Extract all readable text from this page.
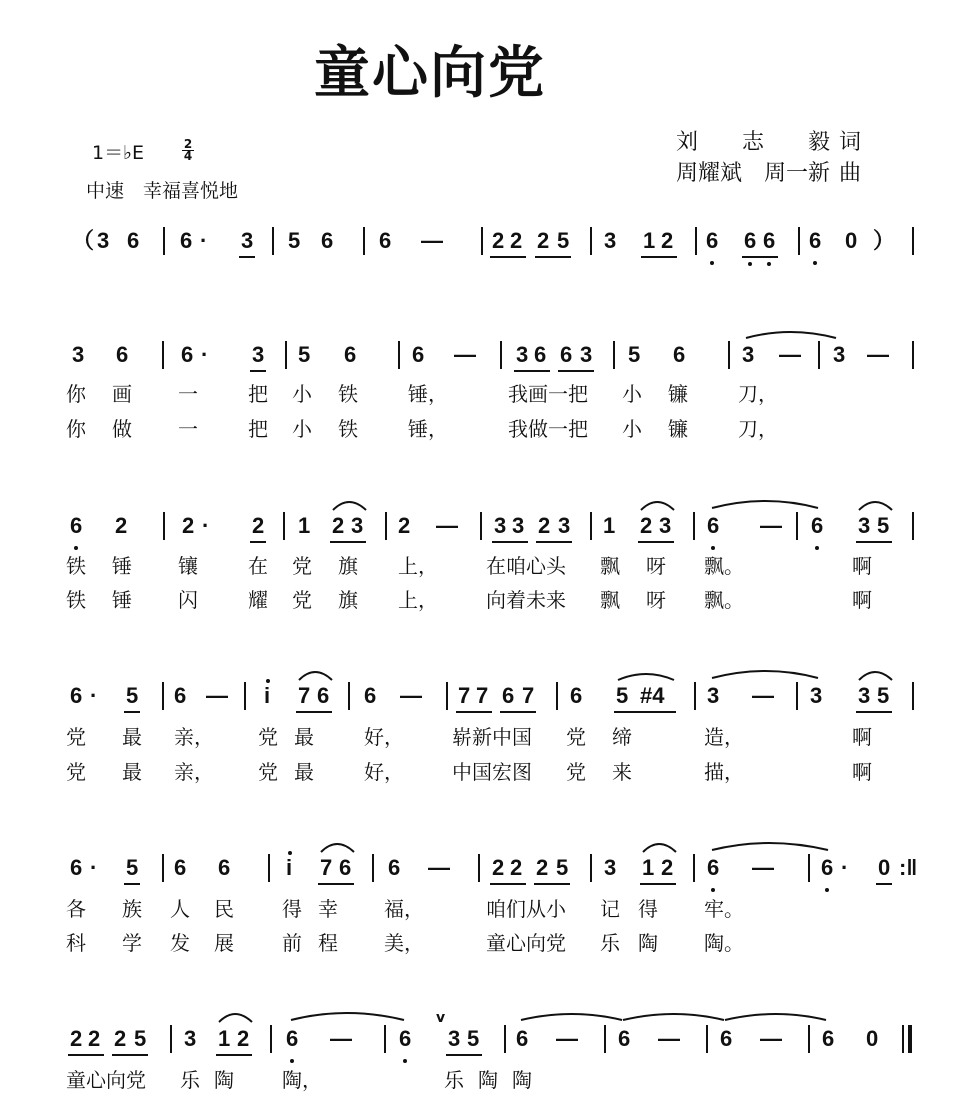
童心向党
1＝♭E	2
4
中速　幸福喜悦地
刘　　志　　毅 词
周耀斌　周一新 曲
（ 3 6 6 · 3 5 6 6 — 2 2 2 5 3 1 2 6 6 6 6 0 ）
3 6 6 · 3 5 6	6 — 3 6 6 3 5 6	3 — 3 —
你 画 一	把 小 铁	锤，	我画一把 小 镰	刀，
你 做 一	把 小 铁	锤，	我做一把 小 镰	刀，
6 2 2 · 2 1 2 3 2 — 3 3 2 3 1 2 3 6 — 6 3 5
铁 锤 镶	在 党 旗 上， 在咱心头 飘 呀 飘。	啊
铁 锤 闪	耀 党 旗 上， 向着未来 飘 呀 飘。	啊
6 · 5 6 — i 7 6 6 — 7 7 6 7 6 5 #4 3 — 3 3 5
党 最 亲， 党 最	好， 崭新中国 党 缔	造，	啊
党 最 亲， 党 最	好， 中国宏图 党 来	描，	啊
6 · 5 6 6	i 7 6 6 — 2 2 2 5 3 1 2 6 — 6 · 0 :‖
各 族 人 民 得 幸 福，	咱们从小 记 得 牢。
科 学 发 展 前 程 美，	童心向党 乐 陶 陶。
2 2 2 5 3 1 2 6 — 6
v
3 5 6 — 6 — 6 — 6 0
童心向党 乐 陶 陶，	乐 陶 陶
